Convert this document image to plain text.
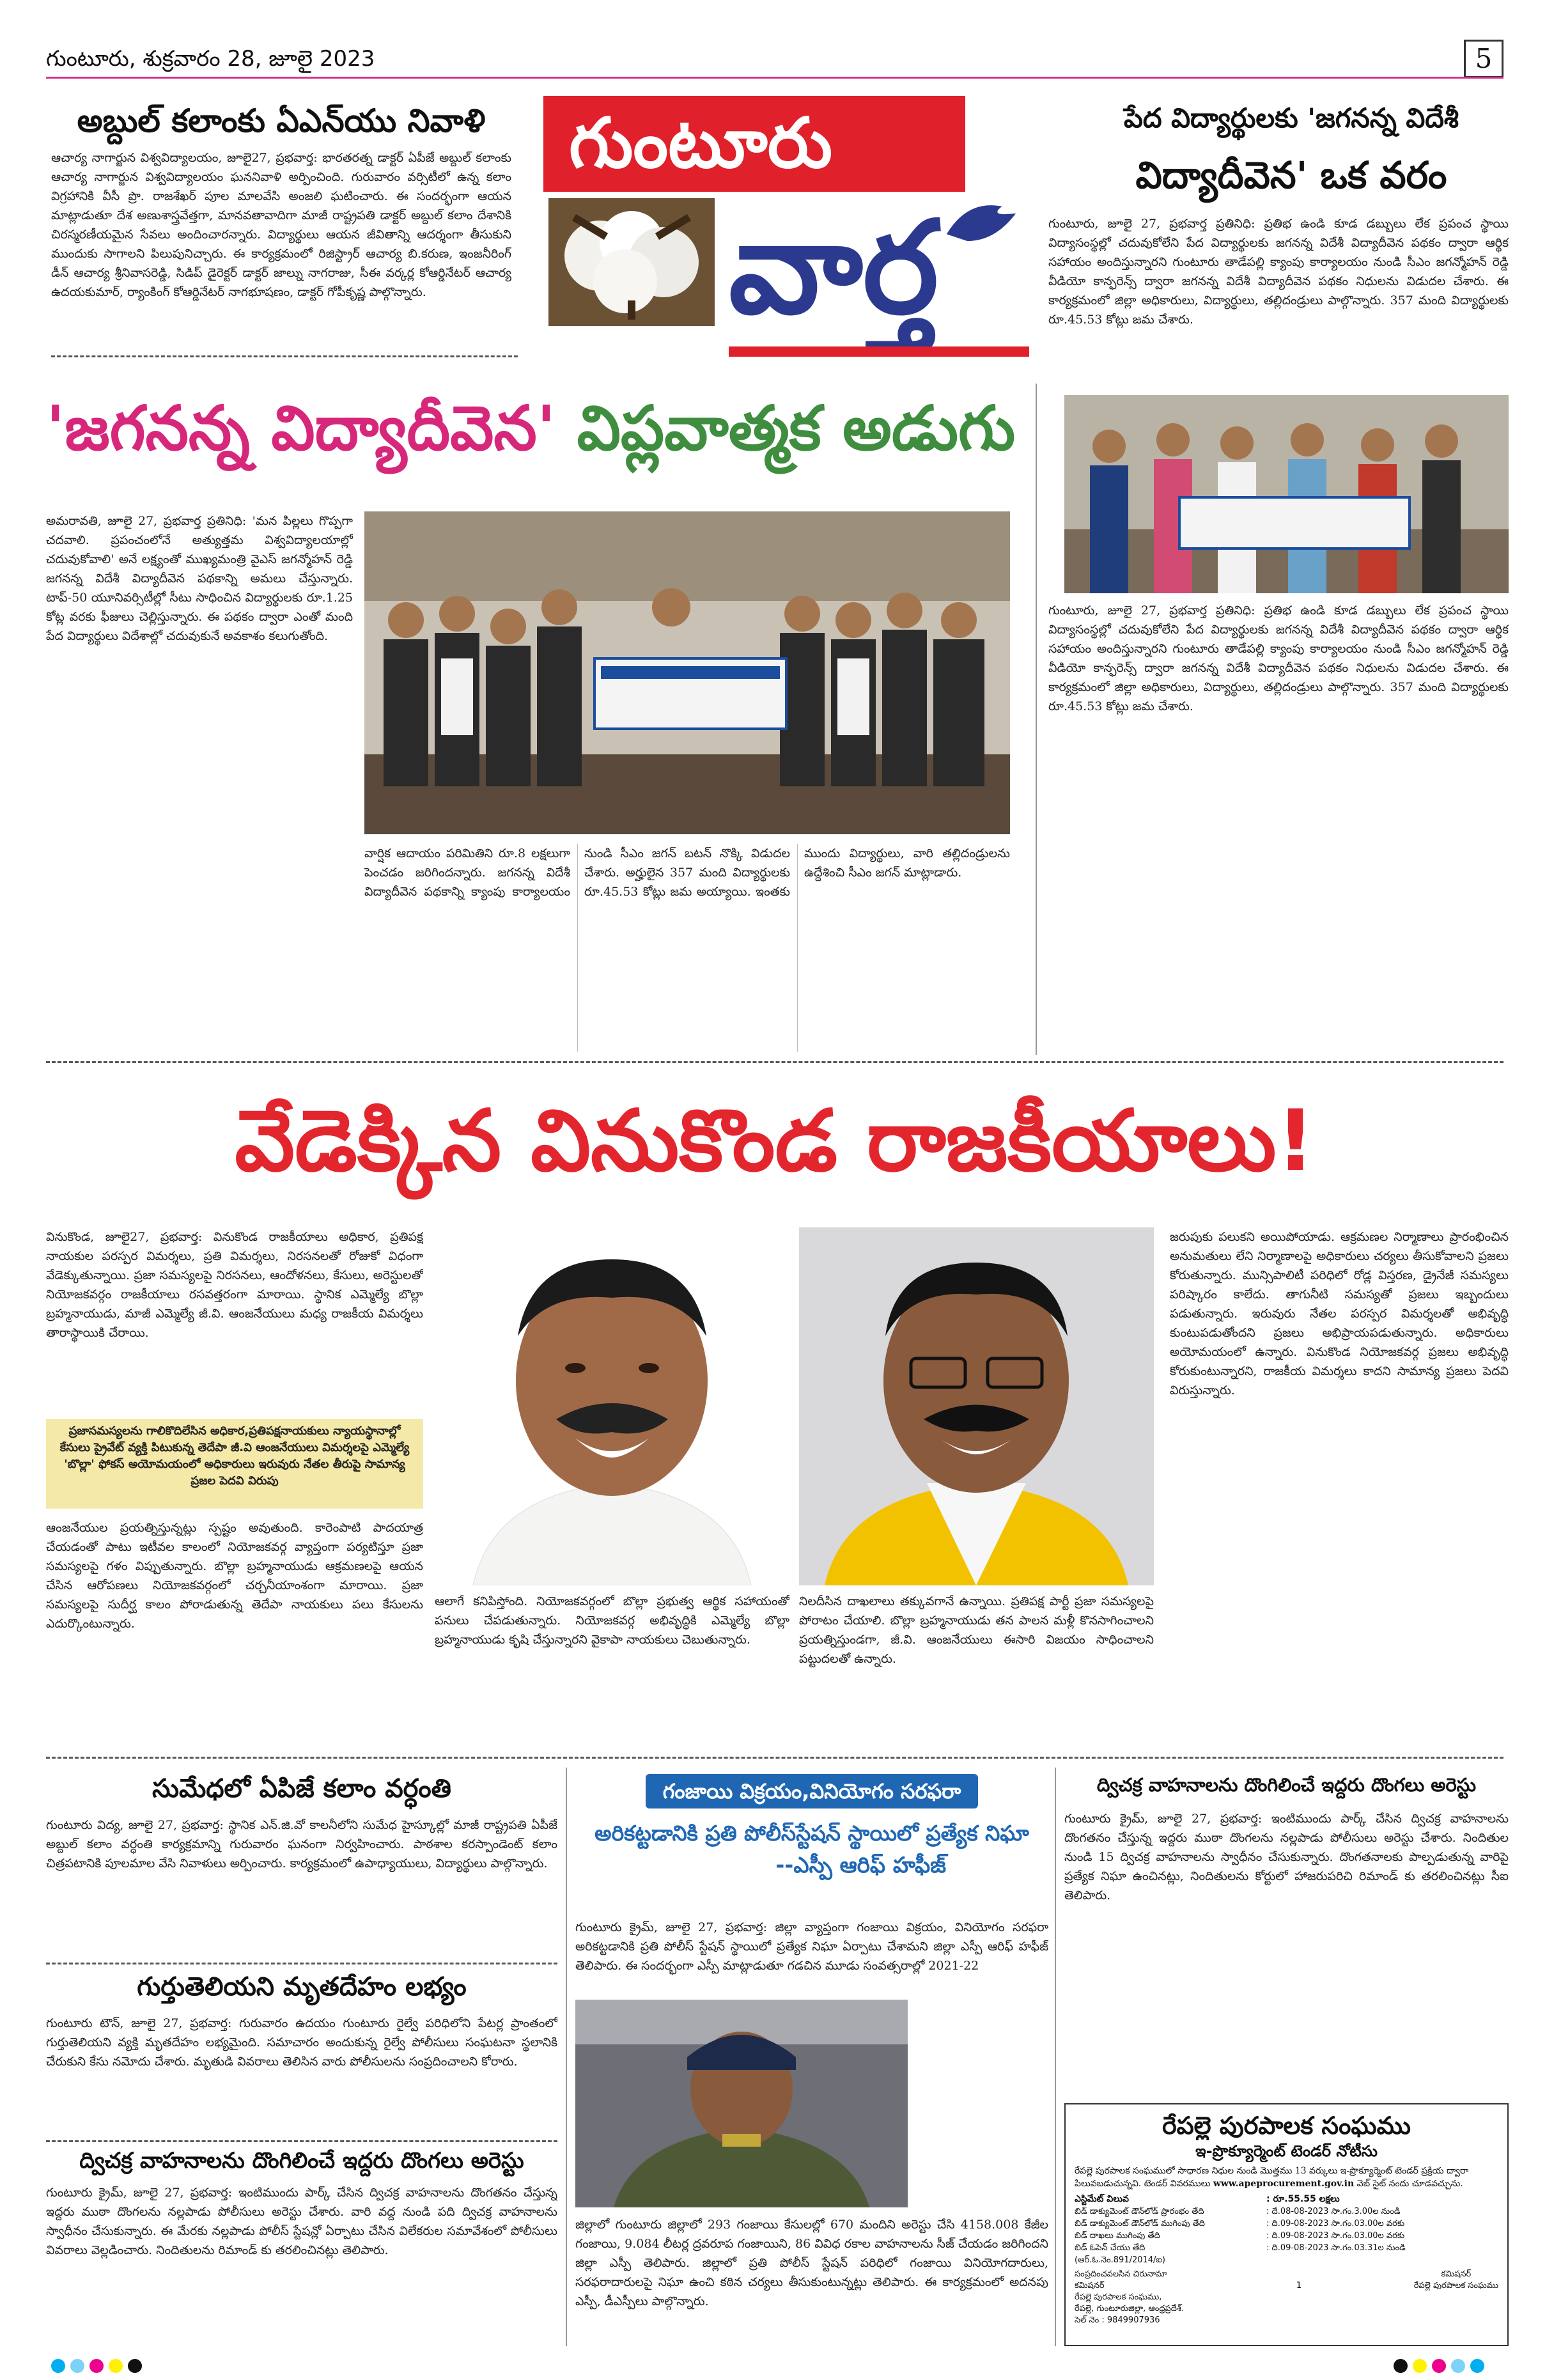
గుంటూరు, శుక్రవారం 28, జూలై 2023	5
అబ్దుల్ కలాంకు ఏఎన్‌యు నివాళి
ఆచార్య నాగార్జున విశ్వవిద్యాలయం, జూలై27, ప్రభవార్త: భారతరత్న డాక్టర్ ఏపీజే అబ్దుల్ కలాంకు ఆచార్య నాగార్జున విశ్వవిద్యాలయం ఘననివాళి అర్పించింది. గురువారం వర్సిటీలో ఉన్న కలాం విగ్రహానికి వీసీ ప్రొ. రాజశేఖర్ పూల మాలవేసి అంజలి ఘటించారు. ఈ సందర్భంగా ఆయన మాట్లాడుతూ దేశ అణుశాస్త్రవేత్తగా, మానవతావాదిగా మాజీ రాష్ట్రపతి డాక్టర్ అబ్దుల్ కలాం దేశానికి చిరస్మరణీయమైన సేవలు అందించారన్నారు. విద్యార్థులు ఆయన జీవితాన్ని ఆదర్శంగా తీసుకుని ముందుకు సాగాలని పిలుపునిచ్చారు. ఈ కార్యక్రమంలో రిజిస్ట్రార్ ఆచార్య బి.కరుణ, ఇంజనీరింగ్ డీన్ ఆచార్య శ్రీనివాసరెడ్డి, సిడిప్ డైరెక్టర్ డాక్టర్ జాల్ను నాగరాజు, సీఈ వర్కర్ల కోఆర్డినేటర్ ఆచార్య ఉదయకుమార్, ర్యాంకింగ్ కోఆర్డినేటర్ నాగభూషణం, డాక్టర్ గోపీకృష్ణ పాల్గొన్నారు.
గుంటూరు
వార్త
పేద విద్యార్థులకు 'జగనన్న విదేశీ
విద్యాదీవెన' ఒక వరం
గుంటూరు, జూలై 27, ప్రభవార్త ప్రతినిధి: ప్రతిభ ఉండి కూడ డబ్బులు లేక ప్రపంచ స్థాయి విద్యాసంస్థల్లో చదువుకోలేని పేద విద్యార్థులకు జగనన్న విదేశీ విద్యాదీవెన పథకం ద్వారా ఆర్థిక సహాయం అందిస్తున్నారని గుంటూరు తాడేపల్లి క్యాంపు కార్యాలయం నుండి సీఎం జగన్మోహన్ రెడ్డి వీడియో కాన్ఫరెన్స్ ద్వారా జగనన్న విదేశీ విద్యాదీవెన పథకం నిధులను విడుదల చేశారు. ఈ కార్యక్రమంలో జిల్లా అధికారులు, విద్యార్థులు, తల్లిదండ్రులు పాల్గొన్నారు. 357 మంది విద్యార్థులకు రూ.45.53 కోట్లు జమ చేశారు.
'జగనన్న విద్యాదీవెన' విప్లవాత్మక అడుగు
అమరావతి, జూలై 27, ప్రభవార్త ప్రతినిధి: 'మన పిల్లలు గొప్పగా చదవాలి. ప్రపంచంలోనే అత్యుత్తమ విశ్వవిద్యాలయాల్లో చదువుకోవాలి' అనే లక్ష్యంతో ముఖ్యమంత్రి వైఎస్ జగన్మోహన్ రెడ్డి జగనన్న విదేశీ విద్యాదీవెన పథకాన్ని అమలు చేస్తున్నారు. టాప్-50 యూనివర్సిటీల్లో సీటు సాధించిన విద్యార్థులకు రూ.1.25 కోట్ల వరకు ఫీజులు చెల్లిస్తున్నారు. ఈ పథకం ద్వారా ఎంతో మంది పేద విద్యార్థులు విదేశాల్లో చదువుకునే అవకాశం కలుగుతోంది.
వార్షిక ఆదాయం పరిమితిని రూ.8 లక్షలుగా పెంచడం జరిగిందన్నారు. జగనన్న విదేశీ విద్యాదీవెన పథకాన్ని క్యాంపు కార్యాలయం నుండి సీఎం జగన్ బటన్ నొక్కి విడుదల చేశారు. అర్హులైన 357 మంది విద్యార్థులకు రూ.45.53 కోట్లు జమ అయ్యాయి. ఇంతకు ముందు విద్యార్థులు, వారి తల్లిదండ్రులను ఉద్దేశించి సీఎం జగన్ మాట్లాడారు.
గుంటూరు, జూలై 27, ప్రభవార్త ప్రతినిధి: ప్రతిభ ఉండి కూడ డబ్బులు లేక ప్రపంచ స్థాయి విద్యాసంస్థల్లో చదువుకోలేని పేద విద్యార్థులకు జగనన్న విదేశీ విద్యాదీవెన పథకం ద్వారా ఆర్థిక సహాయం అందిస్తున్నారని గుంటూరు తాడేపల్లి క్యాంపు కార్యాలయం నుండి సీఎం జగన్మోహన్ రెడ్డి వీడియో కాన్ఫరెన్స్ ద్వారా జగనన్న విదేశీ విద్యాదీవెన పథకం నిధులను విడుదల చేశారు. ఈ కార్యక్రమంలో జిల్లా అధికారులు, విద్యార్థులు, తల్లిదండ్రులు పాల్గొన్నారు. 357 మంది విద్యార్థులకు రూ.45.53 కోట్లు జమ చేశారు.
వేడెక్కిన వినుకొండ రాజకీయాలు!
వినుకొండ, జూలై27, ప్రభవార్త: వినుకొండ రాజకీయాలు అధికార, ప్రతిపక్ష నాయకుల పరస్పర విమర్శలు, ప్రతి విమర్శలు, నిరసనలతో రోజుకో విధంగా వేడెక్కుతున్నాయి. ప్రజా సమస్యలపై నిరసనలు, ఆందోళనలు, కేసులు, అరెస్టులతో నియోజకవర్గం రాజకీయాలు రసవత్తరంగా మారాయి. స్థానిక ఎమ్మెల్యే బొల్లా బ్రహ్మనాయుడు, మాజీ ఎమ్మెల్యే జీ.వి. ఆంజనేయులు మధ్య రాజకీయ విమర్శలు తారాస్థాయికి చేరాయి.
ప్రజాసమస్యలను గాలికొదిలేసిన అధికార,ప్రతిపక్షనాయకులు న్యాయస్థానాల్లో కేసులు ప్రైవేట్ వ్యక్తి పిటుకున్న తెదేపా జీ.వి ఆంజనేయులు విమర్శలపై ఎమ్మెల్యే 'బొల్లా' ఫోకస్ అయోమయంలో అధికారులు ఇరువురు నేతల తీరుపై సామాన్య ప్రజల పెదవి విరుపు
ఆంజనేయుల ప్రయత్నిస్తున్నట్లు స్పష్టం అవుతుంది. కారెంపాటి పాదయాత్ర చేయడంతో పాటు ఇటీవల కాలంలో నియోజకవర్గ వ్యాప్తంగా పర్యటిస్తూ ప్రజా సమస్యలపై గళం విప్పుతున్నారు. బొల్లా బ్రహ్మనాయుడు ఆక్రమణలపై ఆయన చేసిన ఆరోపణలు నియోజకవర్గంలో చర్చనీయాంశంగా మారాయి. ప్రజా సమస్యలపై సుదీర్ఘ కాలం పోరాడుతున్న తెదేపా నాయకులు పలు కేసులను ఎదుర్కొంటున్నారు.
ఆలాగే కనిపిస్తోంది. నియోజకవర్గంలో బొల్లా ప్రభుత్వ ఆర్థిక సహాయంతో పనులు చేపడుతున్నారు. నియోజకవర్గ అభివృద్ధికి ఎమ్మెల్యే బొల్లా బ్రహ్మనాయుడు కృషి చేస్తున్నారని వైకాపా నాయకులు చెబుతున్నారు.
నిలదీసిన దాఖలాలు తక్కువగానే ఉన్నాయి. ప్రతిపక్ష పార్టీ ప్రజా సమస్యలపై పోరాటం చేయాలి. బొల్లా బ్రహ్మనాయుడు తన పాలన మళ్లీ కొనసాగించాలని ప్రయత్నిస్తుండగా, జీ.వి. ఆంజనేయులు ఈసారి విజయం సాధించాలని పట్టుదలతో ఉన్నారు.
జరుపుకు పలుకని అయిపోయాడు. ఆక్రమణల నిర్మాణాలు ప్రారంభించిన అనుమతులు లేని నిర్మాణాలపై అధికారులు చర్యలు తీసుకోవాలని ప్రజలు కోరుతున్నారు. మున్సిపాలిటీ పరిధిలో రోడ్ల విస్తరణ, డ్రైనేజీ సమస్యలు పరిష్కారం కాలేదు. తాగునీటి సమస్యతో ప్రజలు ఇబ్బందులు పడుతున్నారు. ఇరువురు నేతల పరస్పర విమర్శలతో అభివృద్ధి కుంటుపడుతోందని ప్రజలు అభిప్రాయపడుతున్నారు. అధికారులు అయోమయంలో ఉన్నారు. వినుకొండ నియోజకవర్గ ప్రజలు అభివృద్ధి కోరుకుంటున్నారని, రాజకీయ విమర్శలు కాదని సామాన్య ప్రజలు పెదవి విరుస్తున్నారు.
సుమేధలో ఏపిజే కలాం వర్ధంతి
గుంటూరు విద్య, జూలై 27, ప్రభవార్త: స్థానిక ఎన్.జి.వో కాలనీలోని సుమేధ హైస్కూల్లో మాజీ రాష్ట్రపతి ఏపీజే అబ్దుల్ కలాం వర్ధంతి కార్యక్రమాన్ని గురువారం ఘనంగా నిర్వహించారు. పాఠశాల కరస్పాండెంట్ కలాం చిత్రపటానికి పూలమాల వేసి నివాళులు అర్పించారు. కార్యక్రమంలో ఉపాధ్యాయులు, విద్యార్థులు పాల్గొన్నారు.
గుర్తుతెలియని మృతదేహం లభ్యం
గుంటూరు టౌన్, జూలై 27, ప్రభవార్త: గురువారం ఉదయం గుంటూరు రైల్వే పరిధిలోని పేటర్ల ప్రాంతంలో గుర్తుతెలియని వ్యక్తి మృతదేహం లభ్యమైంది. సమాచారం అందుకున్న రైల్వే పోలీసులు సంఘటనా స్థలానికి చేరుకుని కేసు నమోదు చేశారు. మృతుడి వివరాలు తెలిసిన వారు పోలీసులను సంప్రదించాలని కోరారు.
ద్విచక్ర వాహనాలను దొంగిలించే ఇద్దరు దొంగలు అరెస్టు
గుంటూరు క్రైమ్, జూలై 27, ప్రభవార్త: ఇంటిముందు పార్క్ చేసిన ద్విచక్ర వాహనాలను దొంగతనం చేస్తున్న ఇద్దరు ముఠా దొంగలను నల్లపాడు పోలీసులు అరెస్టు చేశారు. వారి వద్ద నుండి పది ద్విచక్ర వాహనాలను స్వాధీనం చేసుకున్నారు. ఈ మేరకు నల్లపాడు పోలీస్ స్టేషన్లో ఏర్పాటు చేసిన విలేకరుల సమావేశంలో పోలీసులు వివరాలు వెల్లడించారు. నిందితులను రిమాండ్ కు తరలించినట్లు తెలిపారు.
గంజాయి విక్రయం,వినియోగం సరఫరా
అరికట్టడానికి ప్రతి పోలీస్‌స్టేషన్ స్థాయిలో ప్రత్యేక నిఘా
--ఎస్పీ ఆరిఫ్ హఫీజ్
గుంటూరు క్రైమ్, జూలై 27, ప్రభవార్త: జిల్లా వ్యాప్తంగా గంజాయి విక్రయం, వినియోగం సరఫరా అరికట్టడానికి ప్రతి పోలీస్ స్టేషన్ స్థాయిలో ప్రత్యేక నిఘా ఏర్పాటు చేశామని జిల్లా ఎస్పీ ఆరిఫ్ హఫీజ్ తెలిపారు. ఈ సందర్భంగా ఎస్పీ మాట్లాడుతూ గడచిన మూడు సంవత్సరాల్లో 2021-22
జిల్లాలో గుంటూరు జిల్లాలో 293 గంజాయి కేసులల్లో 670 మందిని అరెస్టు చేసి 4158.008 కేజీల గంజాయి, 9.084 లీటర్ల ద్రవరూప గంజాయిని, 86 వివిధ రకాల వాహనాలను సీజ్ చేయడం జరిగిందని జిల్లా ఎస్పీ తెలిపారు. జిల్లాలో ప్రతి పోలీస్ స్టేషన్ పరిధిలో గంజాయి వినియోగదారులు, సరఫరాదారులపై నిఘా ఉంచి కఠిన చర్యలు తీసుకుంటున్నట్లు తెలిపారు. ఈ కార్యక్రమంలో అదనపు ఎస్పీ, డీఎస్పీలు పాల్గొన్నారు.
ద్విచక్ర వాహనాలను దొంగిలించే ఇద్దరు దొంగలు అరెస్టు
గుంటూరు క్రైమ్, జూలై 27, ప్రభవార్త: ఇంటిముందు పార్క్ చేసిన ద్విచక్ర వాహనాలను దొంగతనం చేస్తున్న ఇద్దరు ముఠా దొంగలను నల్లపాడు పోలీసులు అరెస్టు చేశారు. నిందితుల నుండి 15 ద్విచక్ర వాహనాలను స్వాధీనం చేసుకున్నారు. దొంగతనాలకు పాల్పడుతున్న వారిపై ప్రత్యేక నిఘా ఉంచినట్లు, నిందితులను కోర్టులో హాజరుపరిచి రిమాండ్ కు తరలించినట్లు సీఐ తెలిపారు.
రేపల్లె పురపాలక సంఘము
ఇ-ప్రొక్యూర్మెంట్ టెండర్ నోటీసు
రేపల్లె పురపాలక సంఘములో సాధారణ నిధుల నుండి మొత్తము 13 వర్కులు ఇ-ప్రొక్యూర్మెంట్ టెండర్ ప్రక్రియ ద్వారా పిలువబడుచున్నవి. టెండర్ వివరములు www.apeprocurement.gov.in వెబ్ సైట్ నందు చూడవచ్చును.
ఎస్టిమేట్ విలువ	: రూ.55.55 లక్షలు
బిడ్ డాక్యుమెంట్ డౌన్‌లోడ్ ప్రారంభం తేది	: దే.08-08-2023 సా.గం.3.00ల నుండి
బిడ్ డాక్యుమెంట్ డౌన్‌లోడ్ ముగింపు తేది	: ది.09-08-2023 సా.గం.03.00ల వరకు
బిడ్ దాఖలు ముగింపు తేది	: ది.09-08-2023 సా.గం.03.00ల వరకు
బిడ్ ఓపెన్ చేయు తేది	: ది.09-08-2023 సా.గం.03.31ల నుండి
(ఆర్.ఓ.నెం.891/2014/ఐ)
సంప్రదించవలసిన చిరునామా
కమిషనర్
రేపల్లె పురపాలక సంఘము,
రేపల్లె, గుంటూరుజిల్లా, ఆంధ్రప్రదేశ్.
సెల్ నెం : 9849907936
1
కమిషనర్
రేపల్లె పురపాలక సంఘము
